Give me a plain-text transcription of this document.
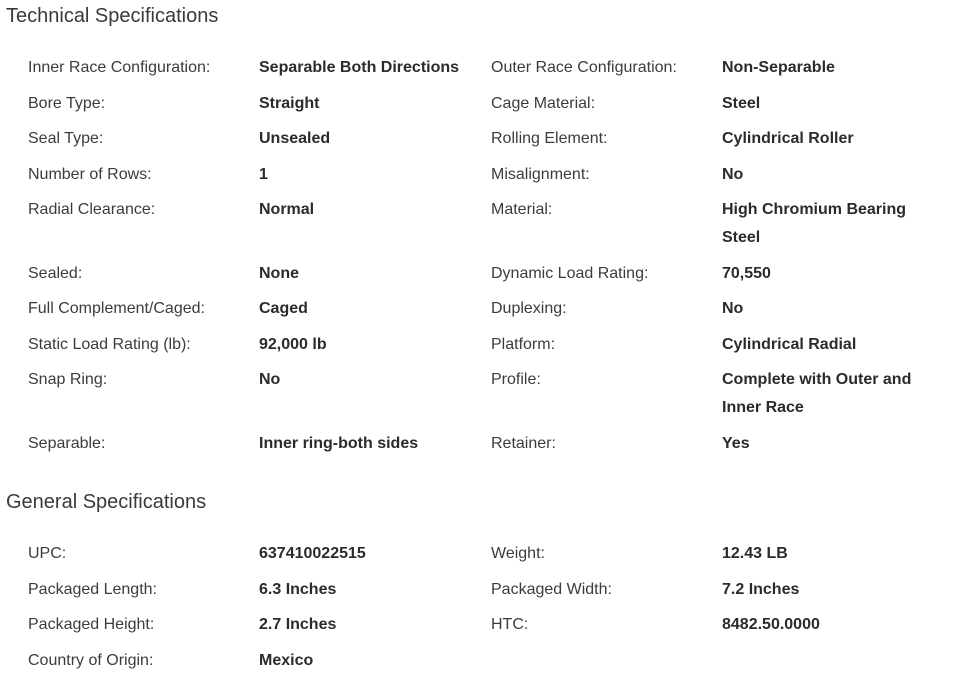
Technical Specifications
Inner Race Configuration:	Separable Both Directions	Outer Race Configuration:	Non-Separable
Bore Type:	Straight	Cage Material:	Steel
Seal Type:	Unsealed	Rolling Element:	Cylindrical Roller
Number of Rows:	1	Misalignment:	No
Radial Clearance:	Normal	Material:	High Chromium Bearing Steel
Sealed:	None	Dynamic Load Rating:	70,550
Full Complement/Caged:	Caged	Duplexing:	No
Static Load Rating (lb):	92,000 lb	Platform:	Cylindrical Radial
Snap Ring:	No	Profile:	Complete with Outer and Inner Race
Separable:	Inner ring-both sides	Retainer:	Yes
General Specifications
UPC:	637410022515	Weight:	12.43 LB
Packaged Length:	6.3 Inches	Packaged Width:	7.2 Inches
Packaged Height:	2.7 Inches	HTC:	8482.50.0000
Country of Origin:	Mexico		
